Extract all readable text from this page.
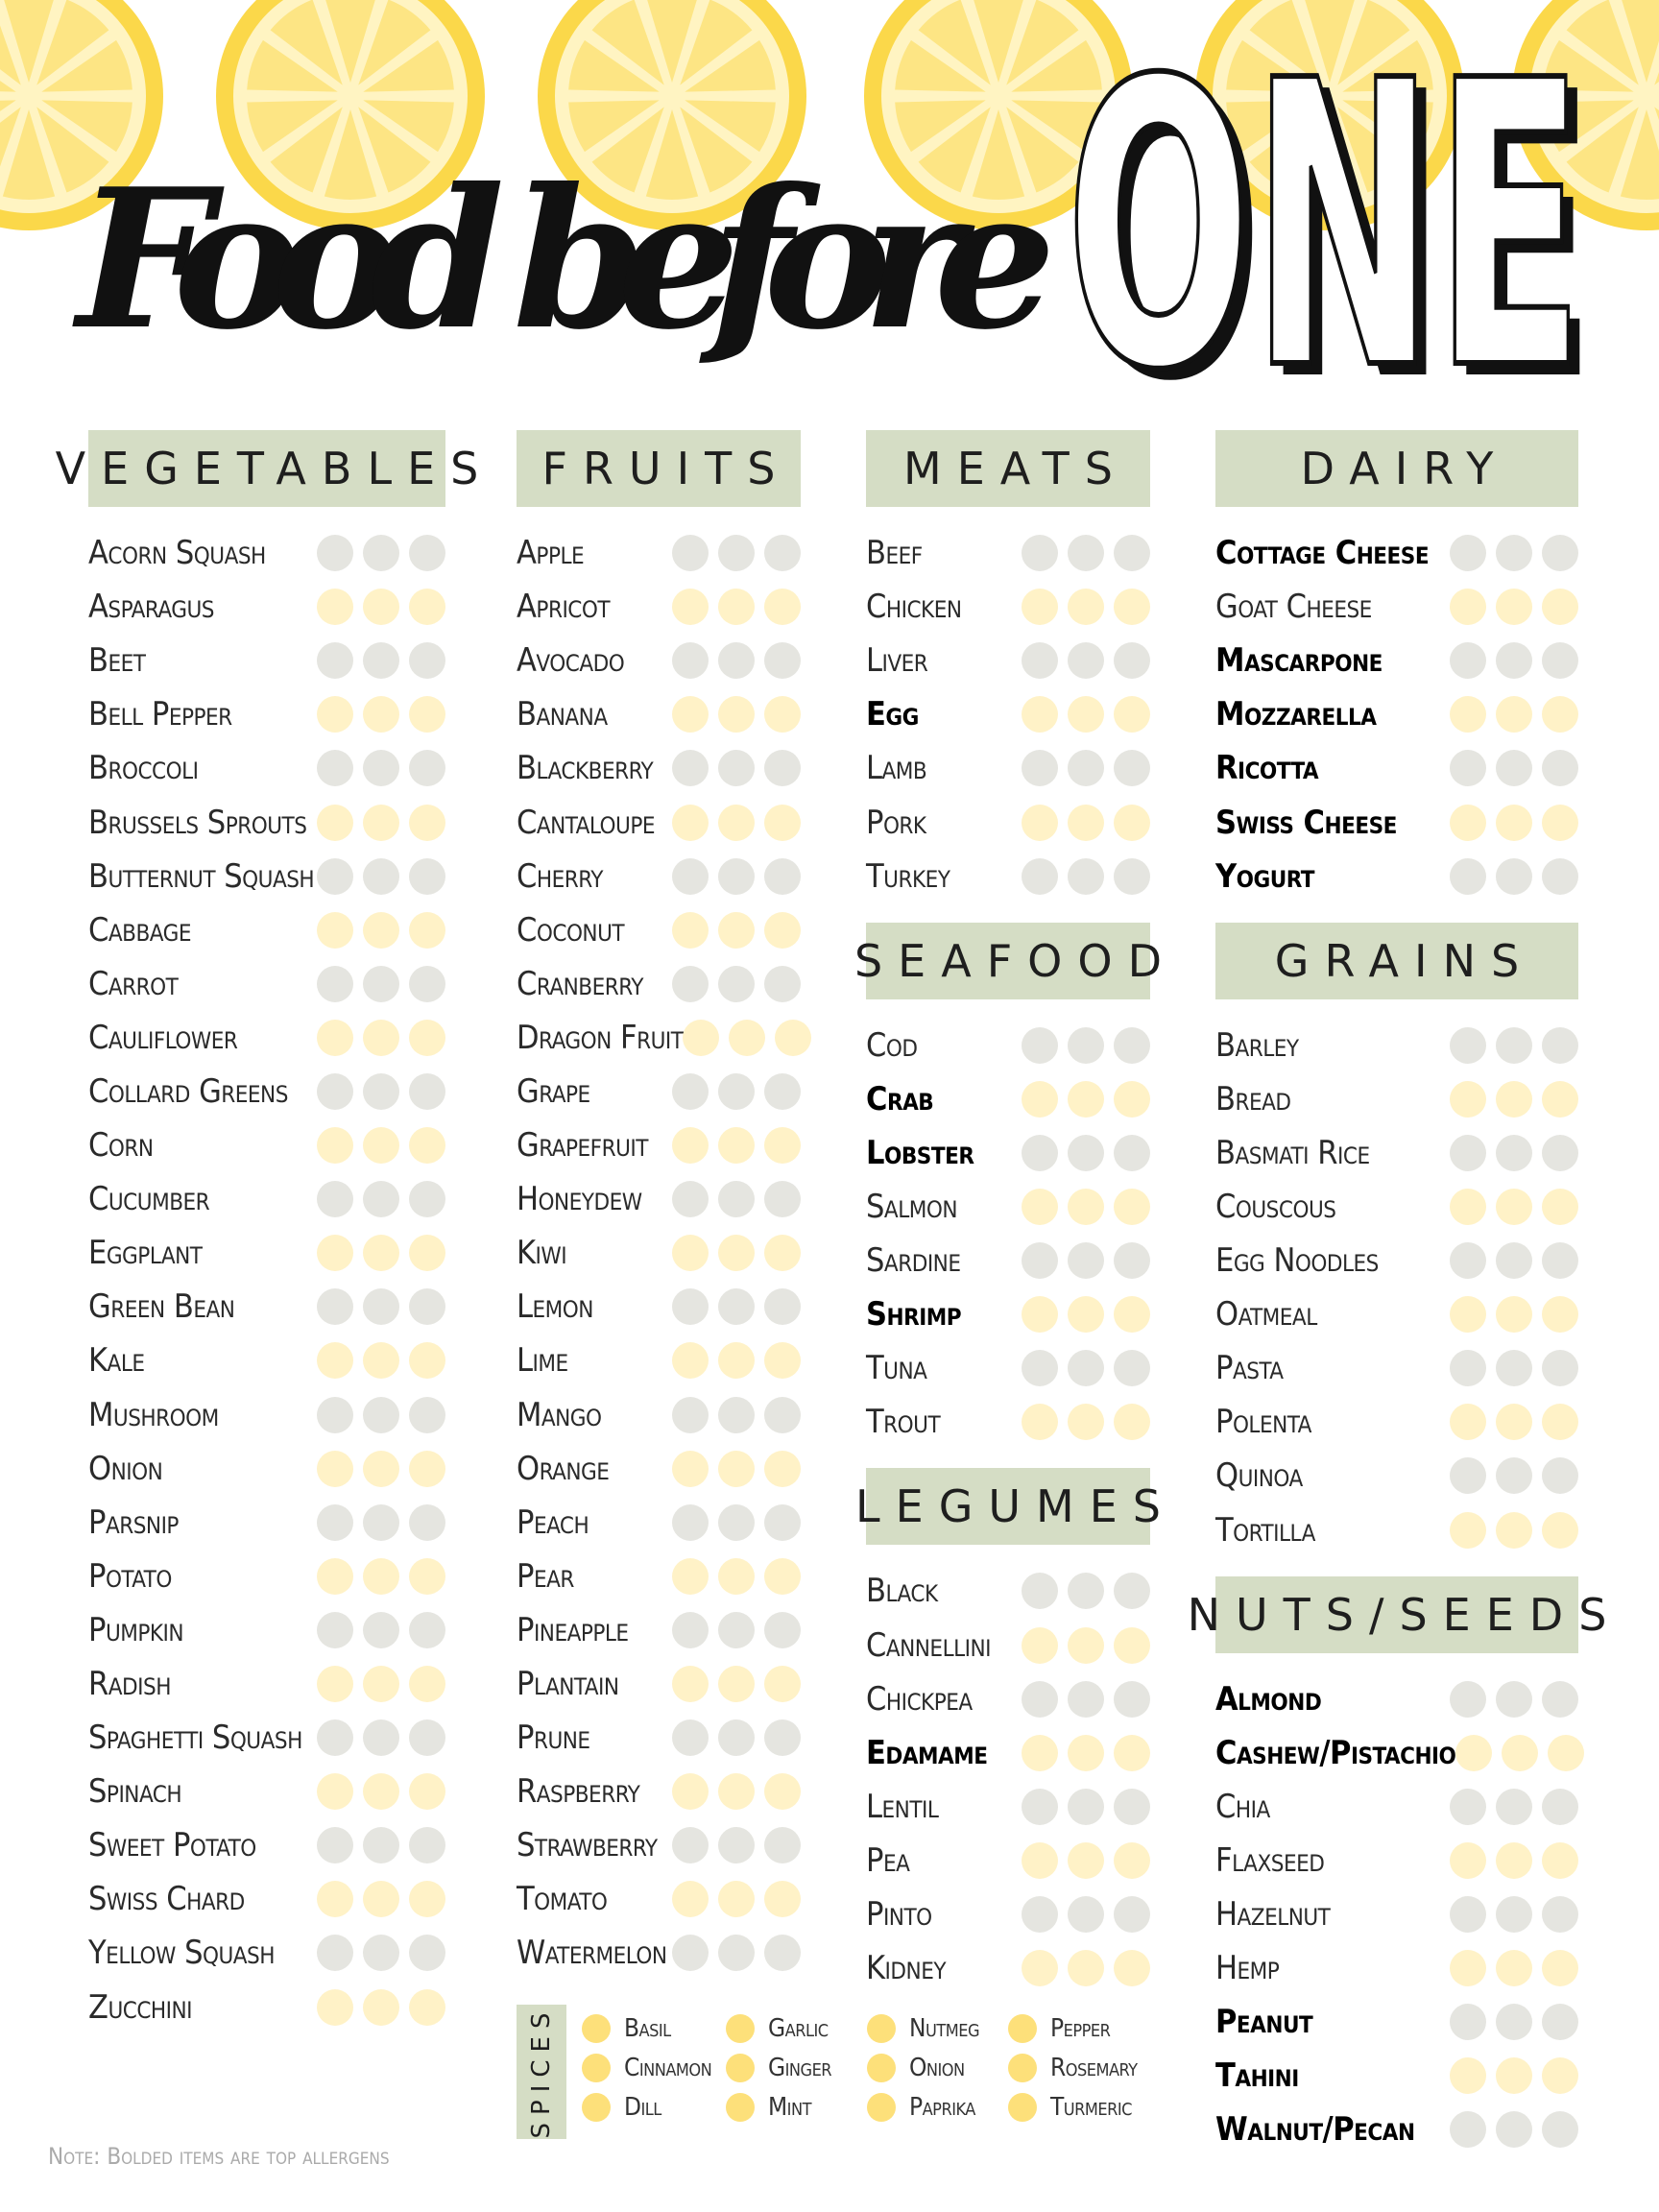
Food before ONE
ONE
VEGETABLES
Acorn Squash
Asparagus
Beet
Bell Pepper
Broccoli
Brussels Sprouts
Butternut Squash
Cabbage
Carrot
Cauliflower
Collard Greens
Corn
Cucumber
Eggplant
Green Bean
Kale
Mushroom
Onion
Parsnip
Potato
Pumpkin
Radish
Spaghetti Squash
Spinach
Sweet Potato
Swiss Chard
Yellow Squash
Zucchini
FRUITS
Apple
Apricot
Avocado
Banana
Blackberry
Cantaloupe
Cherry
Coconut
Cranberry
Dragon Fruit
Grape
Grapefruit
Honeydew
Kiwi
Lemon
Lime
Mango
Orange
Peach
Pear
Pineapple
Plantain
Prune
Raspberry
Strawberry
Tomato
Watermelon
MEATS
Beef
Chicken
Liver
Egg
Lamb
Pork
Turkey
SEAFOOD
Cod
Crab
Lobster
Salmon
Sardine
Shrimp
Tuna
Trout
LEGUMES
Black
Cannellini
Chickpea
Edamame
Lentil
Pea
Pinto
Kidney
DAIRY
Cottage Cheese
Goat Cheese
Mascarpone
Mozzarella
Ricotta
Swiss Cheese
Yogurt
GRAINS
Barley
Bread
Basmati Rice
Couscous
Egg Noodles
Oatmeal
Pasta
Polenta
Quinoa
Tortilla
NUTS/SEEDS
Almond
Cashew/Pistachio
Chia
Flaxseed
Hazelnut
Hemp
Peanut
Tahini
Walnut/Pecan
SPICES	Basil
Cinnamon
Dill
Garlic
Ginger
Mint
Nutmeg
Onion
Paprika
Pepper
Rosemary
Turmeric
Note: Bolded items are top allergens
